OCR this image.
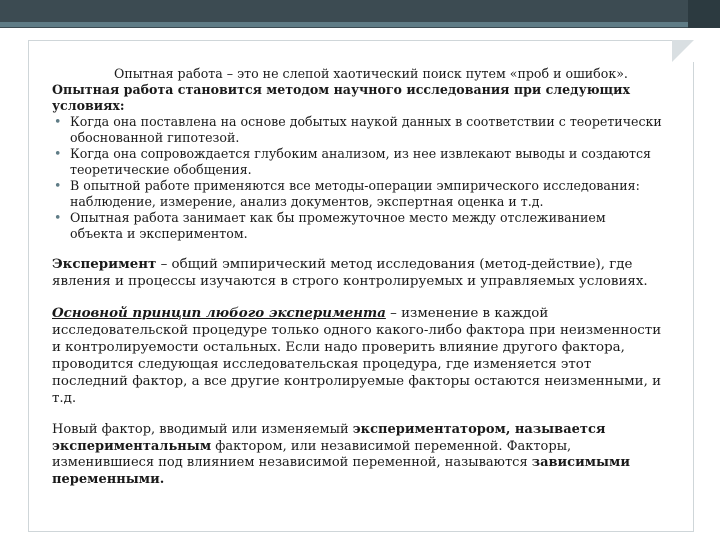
Опытная работа – это не слепой хаотический поиск путем «проб и ошибок».

Опытная работа становится методом научного исследования при следующих условиях:

• Когда она поставлена на основе добытых наукой данных в соответствии с теоретически обоснованной гипотезой.
• Когда она сопровождается глубоким анализом, из нее извлекают выводы и создаются теоретические обобщения.
• В опытной работе применяются все методы-операции эмпирического исследования: наблюдение, измерение, анализ документов, экспертная оценка и т.д.
• Опытная работа занимает как бы промежуточное место между отслеживанием объекта и экспериментом.

Эксперимент – общий эмпирический метод исследования (метод-действие), где явления и процессы изучаются в строго контролируемых и управляемых условиях.

Основной принцип любого эксперимента – изменение в каждой исследовательской процедуре только одного какого-либо фактора при неизменности и контролируемости остальных. Если надо проверить влияние другого фактора, проводится следующая исследовательская процедура, где изменяется этот последний фактор, а все другие контролируемые факторы остаются неизменными, и т.д.

Новый фактор, вводимый или изменяемый экспериментатором, называется экспериментальным фактором, или независимой переменной. Факторы, изменившиеся под влиянием независимой переменной, называются зависимыми переменными.
